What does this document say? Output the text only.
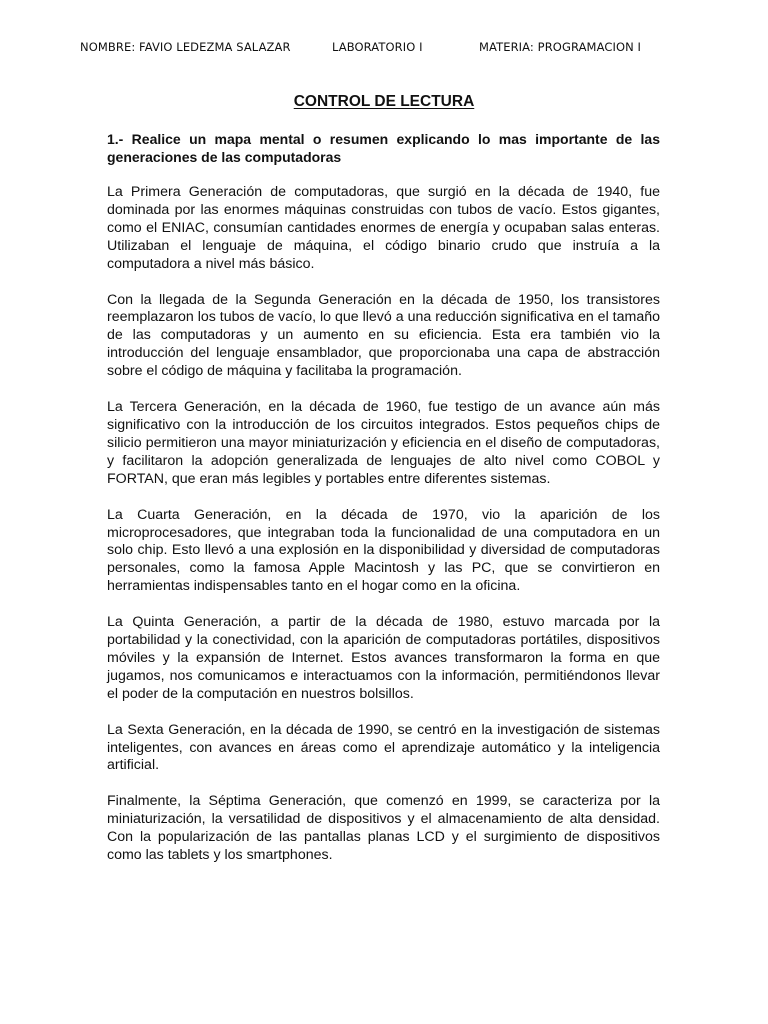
NOMBRE: FAVIO LEDEZMA SALAZAR	LABORATORIO I	MATERIA: PROGRAMACION I
CONTROL DE LECTURA

1.- Realice un mapa mental o resumen explicando lo mas importante de las generaciones de las computadoras

La Primera Generación de computadoras, que surgió en la década de 1940, fue dominada por las enormes máquinas construidas con tubos de vacío. Estos gigantes, como el ENIAC, consumían cantidades enormes de energía y ocupaban salas enteras. Utilizaban el lenguaje de máquina, el código binario crudo que instruía a la computadora a nivel más básico.

Con la llegada de la Segunda Generación en la década de 1950, los transistores reemplazaron los tubos de vacío, lo que llevó a una reducción significativa en el tamaño de las computadoras y un aumento en su eficiencia. Esta era también vio la introducción del lenguaje ensamblador, que proporcionaba una capa de abstracción sobre el código de máquina y facilitaba la programación.

La Tercera Generación, en la década de 1960, fue testigo de un avance aún más significativo con la introducción de los circuitos integrados. Estos pequeños chips de silicio permitieron una mayor miniaturización y eficiencia en el diseño de computadoras, y facilitaron la adopción generalizada de lenguajes de alto nivel como COBOL y FORTAN, que eran más legibles y portables entre diferentes sistemas.

La Cuarta Generación, en la década de 1970, vio la aparición de los microprocesadores, que integraban toda la funcionalidad de una computadora en un solo chip. Esto llevó a una explosión en la disponibilidad y diversidad de computadoras personales, como la famosa Apple Macintosh y las PC, que se convirtieron en herramientas indispensables tanto en el hogar como en la oficina.

La Quinta Generación, a partir de la década de 1980, estuvo marcada por la portabilidad y la conectividad, con la aparición de computadoras portátiles, dispositivos móviles y la expansión de Internet. Estos avances transformaron la forma en que jugamos, nos comunicamos e interactuamos con la información, permitiéndonos llevar el poder de la computación en nuestros bolsillos.

La Sexta Generación, en la década de 1990, se centró en la investigación de sistemas inteligentes, con avances en áreas como el aprendizaje automático y la inteligencia artificial.

Finalmente, la Séptima Generación, que comenzó en 1999, se caracteriza por la miniaturización, la versatilidad de dispositivos y el almacenamiento de alta densidad. Con la popularización de las pantallas planas LCD y el surgimiento de dispositivos como las tablets y los smartphones.
